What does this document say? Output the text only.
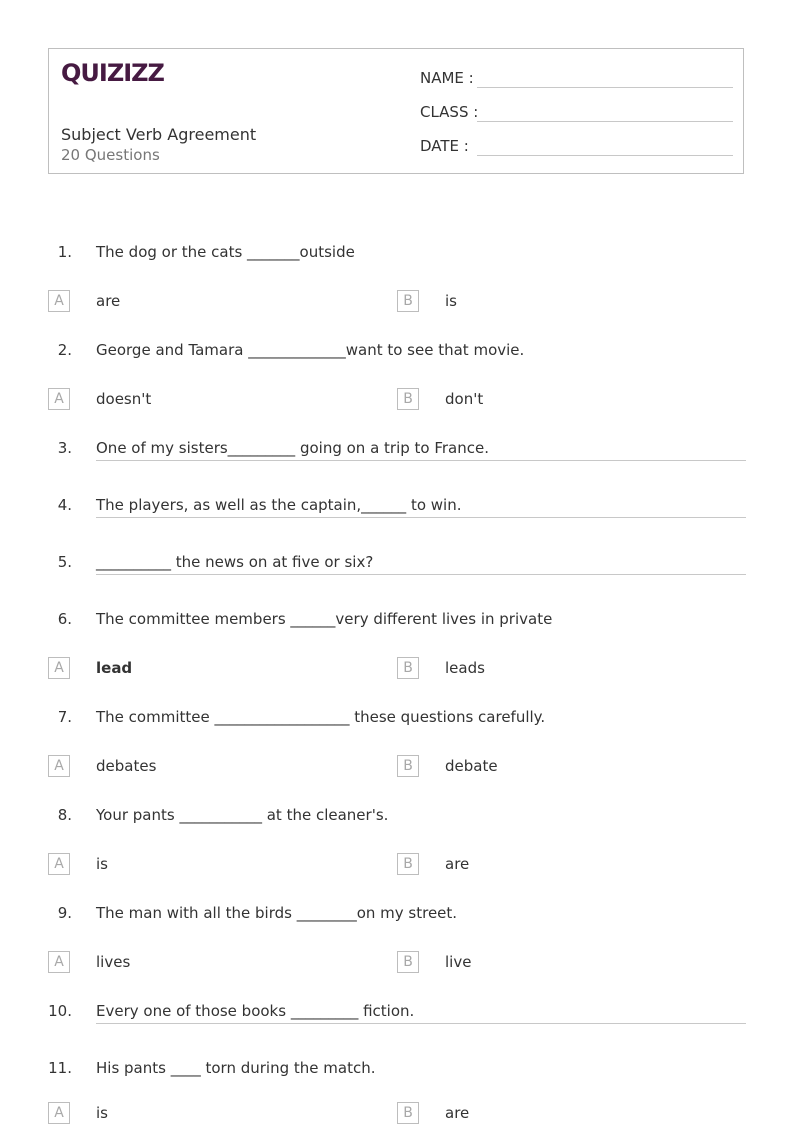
QUIZIZZ
Subject Verb Agreement
20 Questions
NAME :
CLASS :
DATE :
1. The dog or the cats _______outside
A	are	B	is
2. George and Tamara _____________want to see that movie.
A	doesn't	B	don't
3. One of my sisters_________ going on a trip to France.
4. The players, as well as the captain,______ to win.
5. __________ the news on at five or six?
6. The committee members ______very different lives in private
A	lead	B	leads
7. The committee __________________ these questions carefully.
A	debates	B	debate
8. Your pants ___________ at the cleaner's.
A	is	B	are
9. The man with all the birds ________on my street.
A	lives	B	live
10. Every one of those books _________ fiction.
11. His pants ____ torn during the match.
A	is	B	are
